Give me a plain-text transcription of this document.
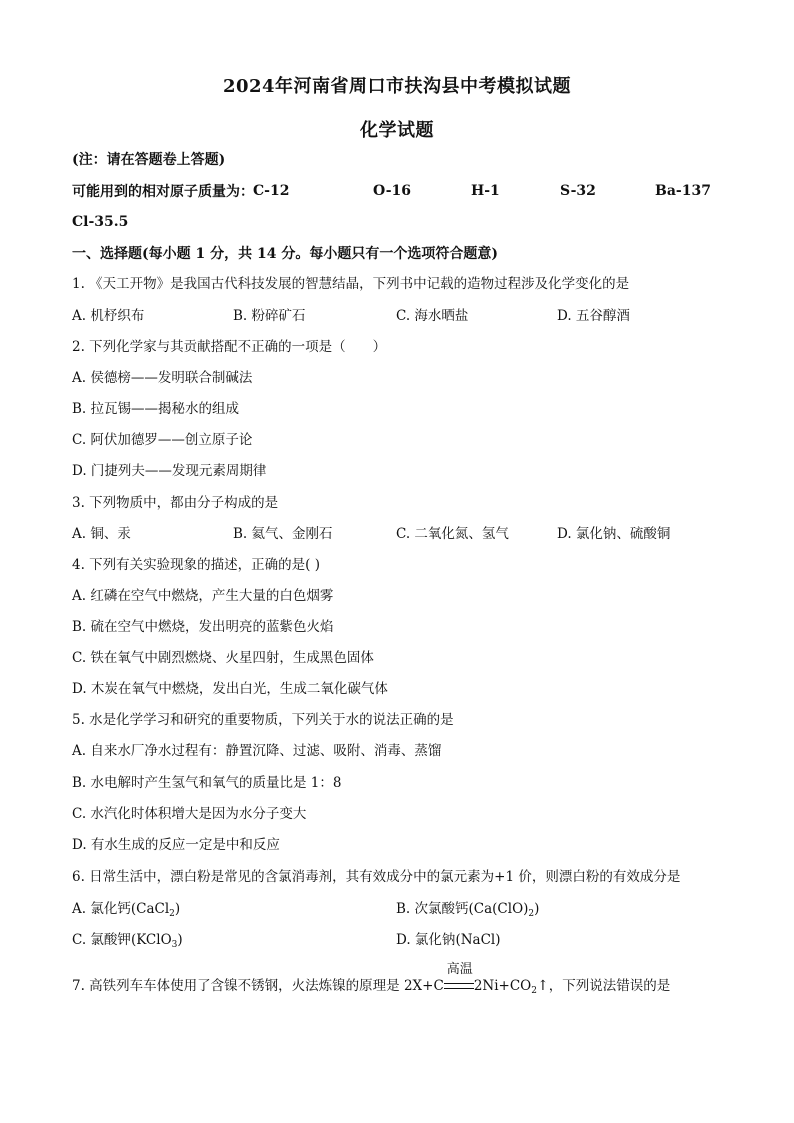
2024年河南省周口市扶沟县中考模拟试题
化学试题
(注：请在答题卷上答题)
可能用到的相对原子质量为： C-12	O-16	H-1	S-32	Ba-137
Cl-35.5
一、选择题(每小题 1 分，共 14 分。每小题只有一个选项符合题意)
1. 《天工开物》是我国古代科技发展的智慧结晶，下列书中记载的造物过程涉及化学变化的是
A. 机杼织布	B. 粉碎矿石	C. 海水晒盐	D. 五谷醇酒
2. 下列化学家与其贡献搭配不正确的一项是（　　）
A. 侯德榜——发明联合制碱法
B. 拉瓦锡——揭秘水的组成
C. 阿伏加德罗——创立原子论
D. 门捷列夫——发现元素周期律
3. 下列物质中，都由分子构成的是
A. 铜、汞	B. 氦气、金刚石	C. 二氧化氮、氢气	D. 氯化钠、硫酸铜
4. 下列有关实验现象的描述，正确的是( )
A. 红磷在空气中燃烧，产生大量的白色烟雾
B. 硫在空气中燃烧，发出明亮的蓝紫色火焰
C. 铁在氧气中剧烈燃烧、火星四射，生成黑色固体
D. 木炭在氧气中燃烧，发出白光，生成二氧化碳气体
5. 水是化学学习和研究的重要物质，下列关于水的说法正确的是
A. 自来水厂净水过程有：静置沉降、过滤、吸附、消毒、蒸馏
B. 水电解时产生氢气和氧气的质量比是 1：8
C. 水汽化时体积增大是因为水分子变大
D. 有水生成的反应一定是中和反应
6. 日常生活中，漂白粉是常见的含氯消毒剂，其有效成分中的氯元素为+1 价，则漂白粉的有效成分是
A. 氯化钙(CaCl$_2$)	B. 次氯酸钙$(Ca(ClO)_2)$
C. 氯酸钾(KClO$_3$)	D. 氯化钠(NaCl)
7. 高铁列车车体使用了含镍不锈钢，火法炼镍的原理是 2X+C
高温
$2Ni+CO_2↑$，下列说法错误的是
